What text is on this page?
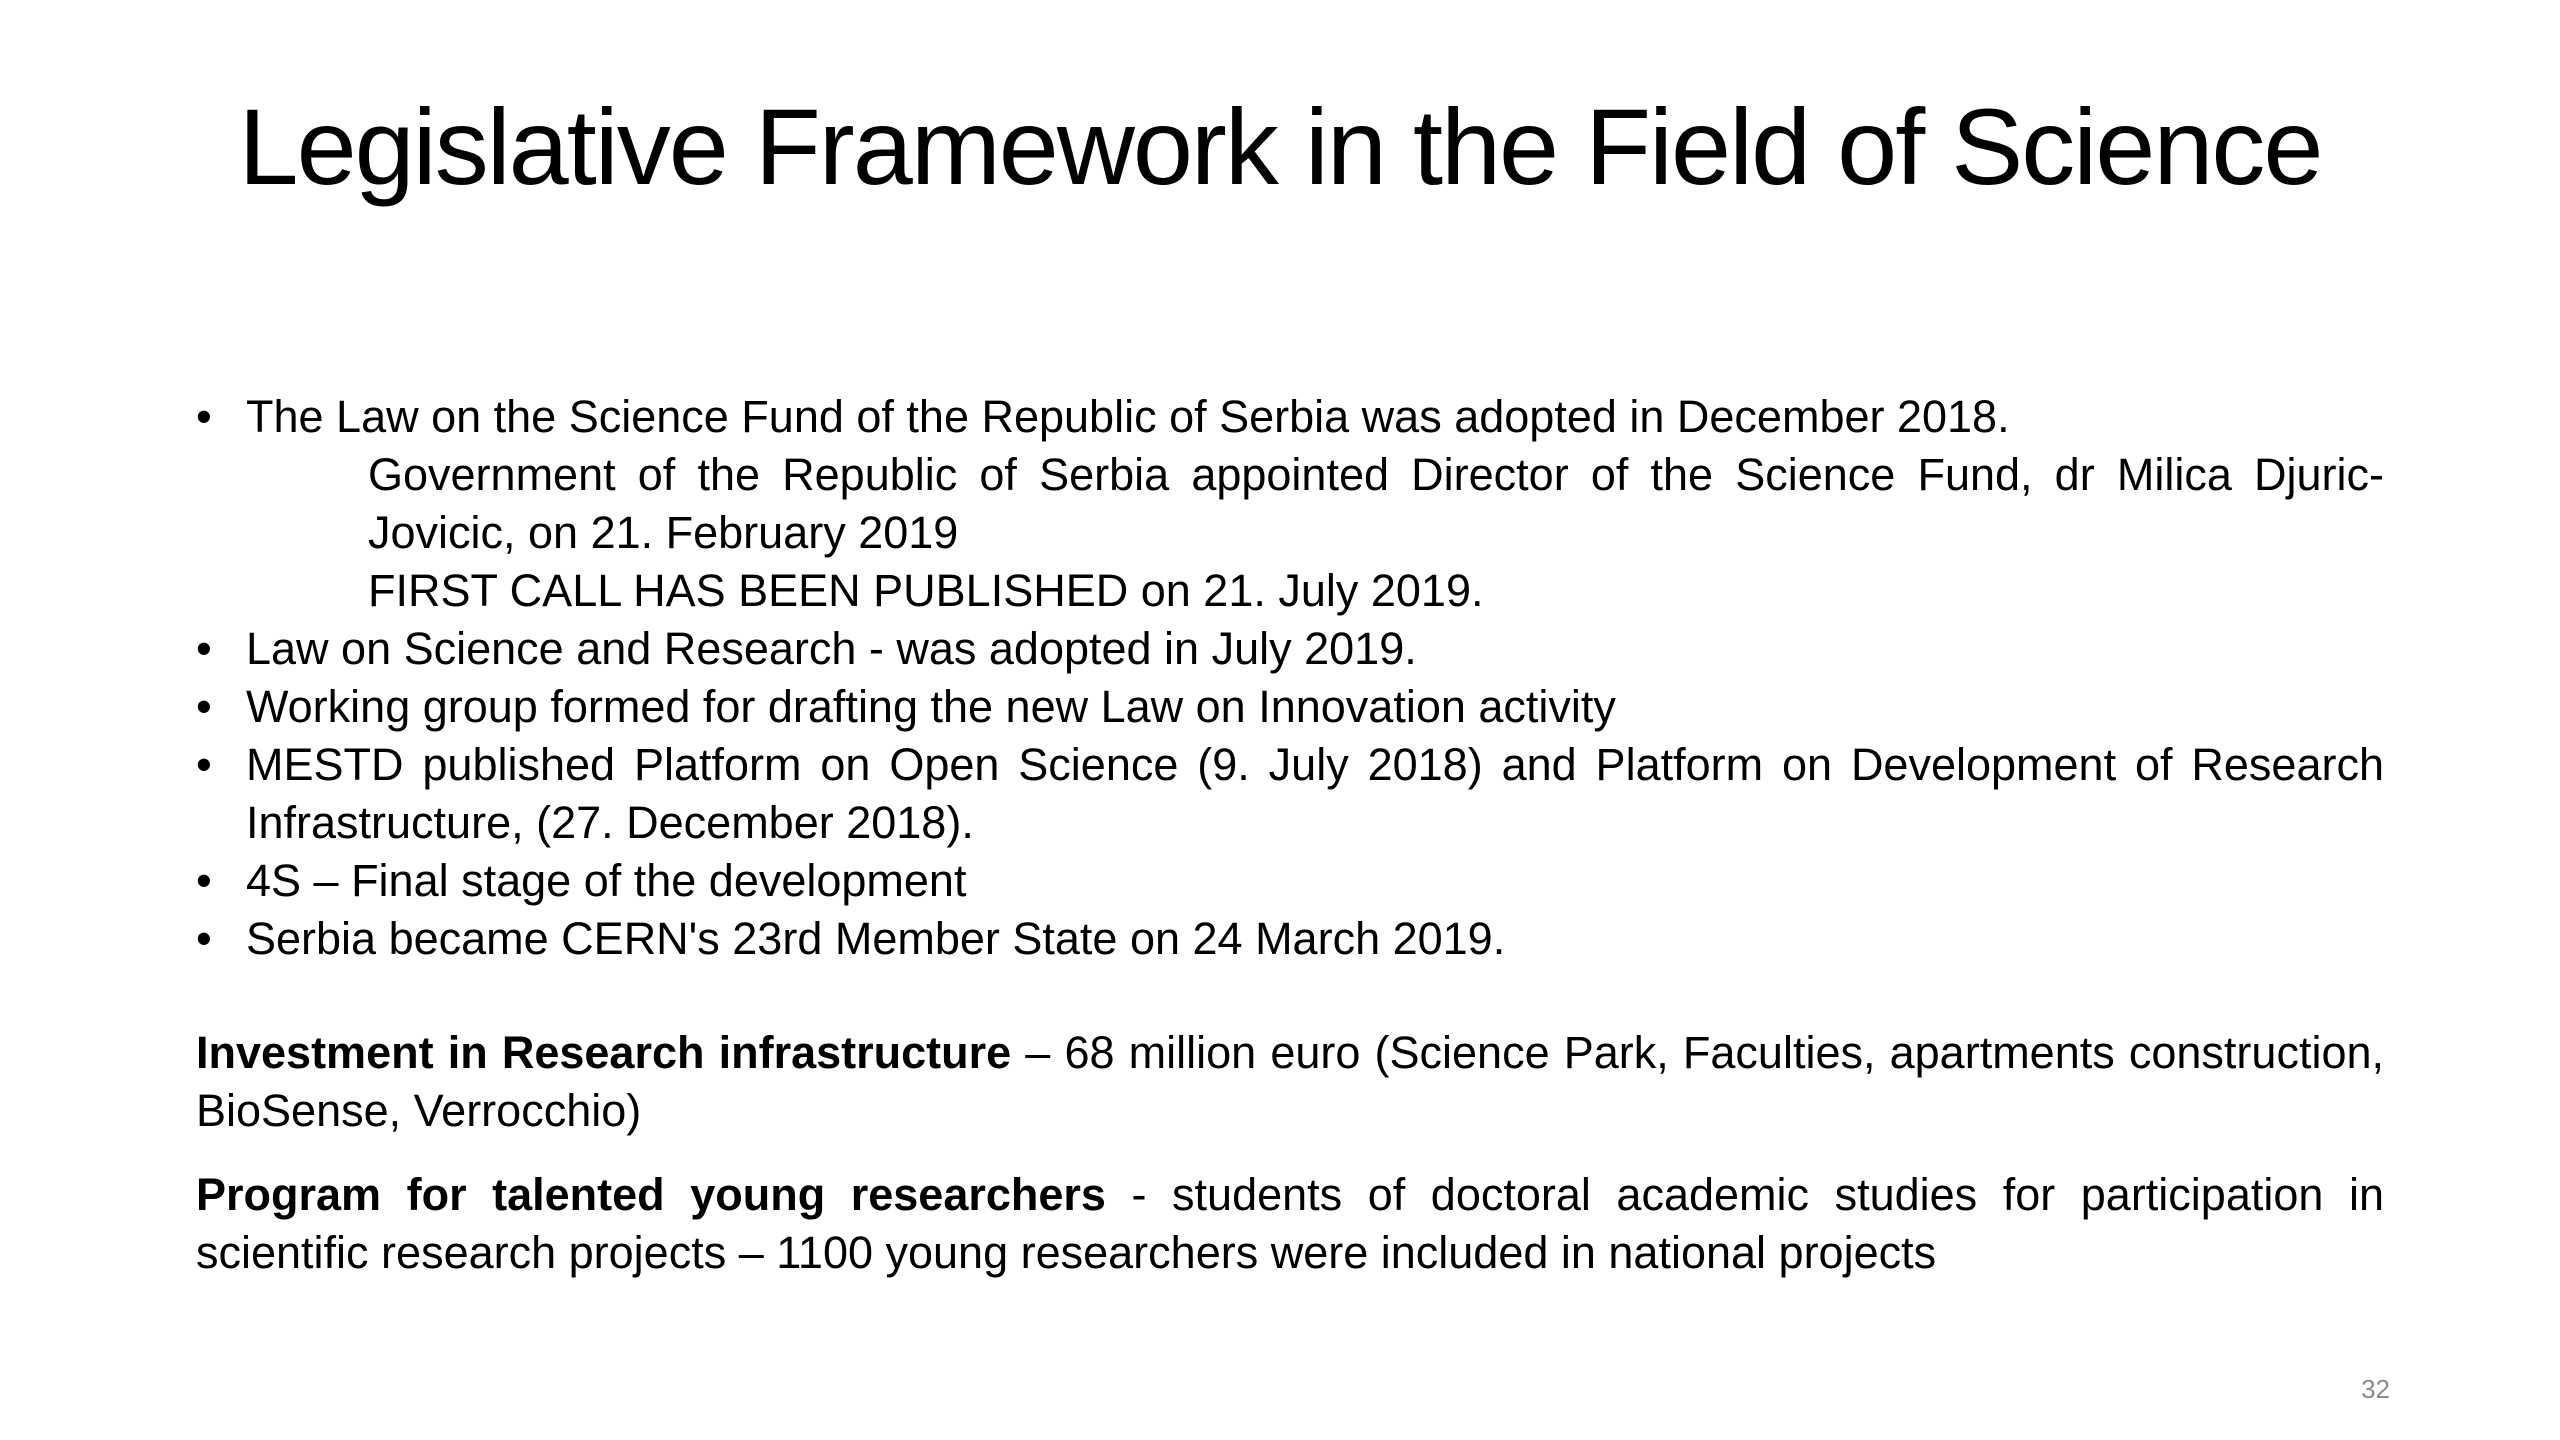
Legislative Framework in the Field of Science
• The Law on the Science Fund of the Republic of Serbia was adopted in December 2018.
Government of the Republic of Serbia appointed Director of the Science Fund, dr Milica Djuric-Jovicic, on 21. February 2019
FIRST CALL HAS BEEN PUBLISHED on 21. July 2019.
• Law on Science and Research - was adopted in July 2019.
• Working group formed for drafting the new Law on Innovation activity
• MESTD published Platform on Open Science (9. July 2018) and Platform on Development of Research Infrastructure, (27. December 2018).
• 4S – Final stage of the development
• Serbia became CERN's 23rd Member State on 24 March 2019.
Investment in Research infrastructure – 68 million euro (Science Park, Faculties, apartments construction, BioSense, Verrocchio)
Program for talented young researchers - students of doctoral academic studies for participation in scientific research projects – 1100 young researchers were included in national projects
32
